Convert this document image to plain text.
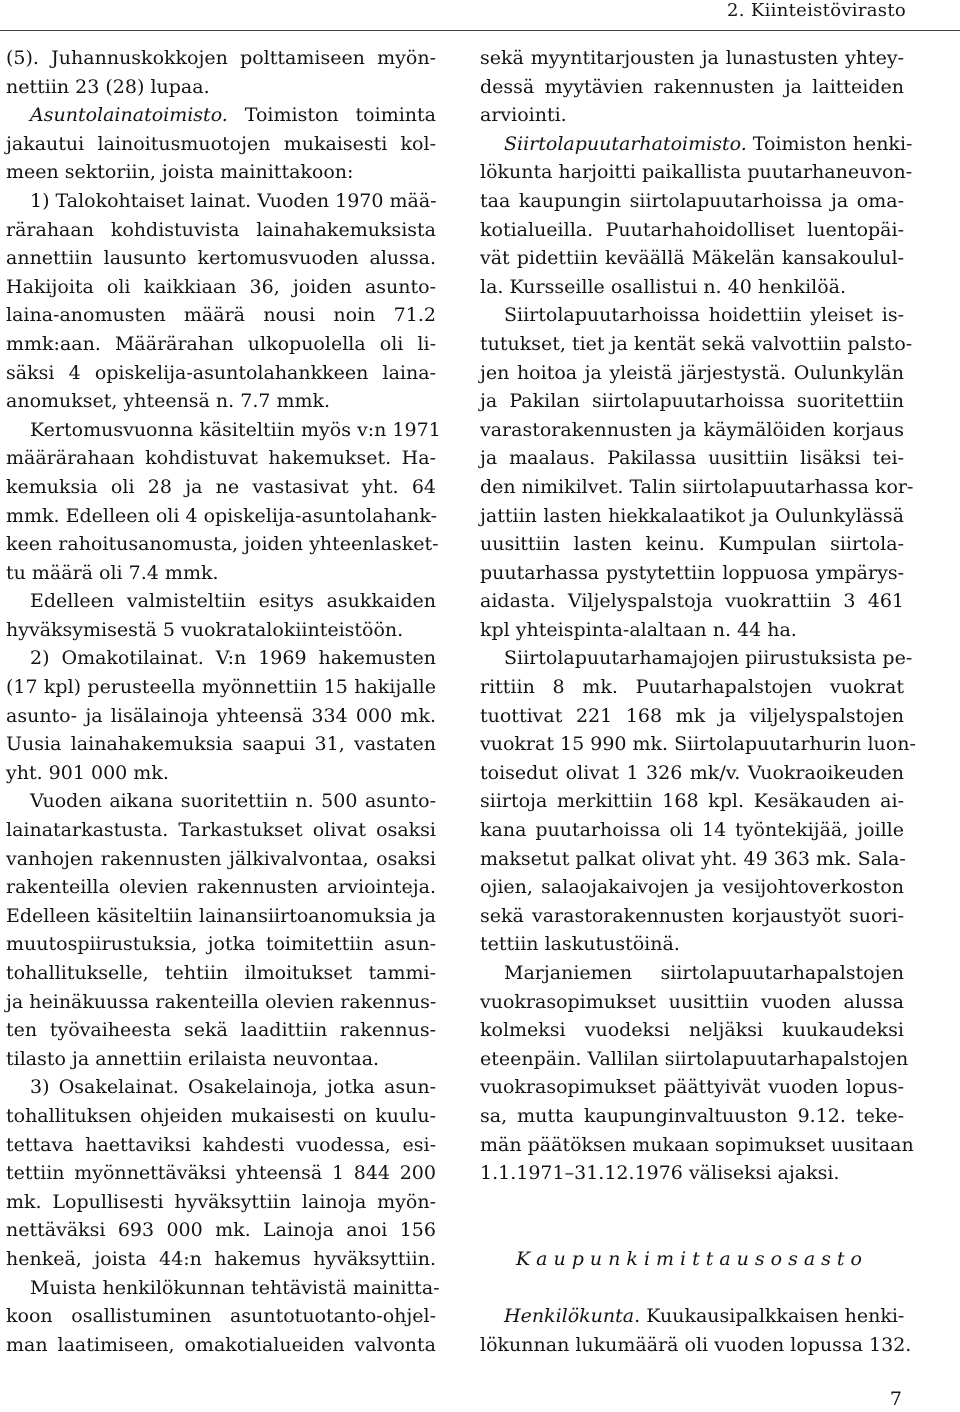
2. Kiinteistövirasto
(5). Juhannuskokkojen polttamiseen myön-
nettiin 23 (28) lupaa.
Asuntolainatoimisto. Toimiston toiminta
jakautui lainoitusmuotojen mukaisesti kol-
meen sektoriin, joista mainittakoon:
1) Talokohtaiset lainat. Vuoden 1970 mää-
rärahaan kohdistuvista lainahakemuksista
annettiin lausunto kertomusvuoden alussa.
Hakijoita oli kaikkiaan 36, joiden asunto-
laina-anomusten määrä nousi noin 71.2
mmk:aan. Määrärahan ulkopuolella oli li-
säksi 4 opiskelija-asuntolahankkeen laina-
anomukset, yhteensä n. 7.7 mmk.
Kertomusvuonna käsiteltiin myös v:n 1971
määrärahaan kohdistuvat hakemukset. Ha-
kemuksia oli 28 ja ne vastasivat yht. 64
mmk. Edelleen oli 4 opiskelija-asuntolahank-
keen rahoitusanomusta, joiden yhteenlasket-
tu määrä oli 7.4 mmk.
Edelleen valmisteltiin esitys asukkaiden
hyväksymisestä 5 vuokratalokiinteistöön.
2) Omakotilainat. V:n 1969 hakemusten
(17 kpl) perusteella myönnettiin 15 hakijalle
asunto- ja lisälainoja yhteensä 334 000 mk.
Uusia lainahakemuksia saapui 31, vastaten
yht. 901 000 mk.
Vuoden aikana suoritettiin n. 500 asunto-
lainatarkastusta. Tarkastukset olivat osaksi
vanhojen rakennusten jälkivalvontaa, osaksi
rakenteilla olevien rakennusten arviointeja.
Edelleen käsiteltiin lainansiirtoanomuksia ja
muutospiirustuksia, jotka toimitettiin asun-
tohallitukselle, tehtiin ilmoitukset tammi-
ja heinäkuussa rakenteilla olevien rakennus-
ten työvaiheesta sekä laadittiin rakennus-
tilasto ja annettiin erilaista neuvontaa.
3) Osakelainat. Osakelainoja, jotka asun-
tohallituksen ohjeiden mukaisesti on kuulu-
tettava haettaviksi kahdesti vuodessa, esi-
tettiin myönnettäväksi yhteensä 1 844 200
mk. Lopullisesti hyväksyttiin lainoja myön-
nettäväksi 693 000 mk. Lainoja anoi 156
henkeä, joista 44:n hakemus hyväksyttiin.
Muista henkilökunnan tehtävistä mainitta-
koon osallistuminen asuntotuotanto-ohjel-
man laatimiseen, omakotialueiden valvonta
sekä myyntitarjousten ja lunastusten yhtey-
dessä myytävien rakennusten ja laitteiden
arviointi.
Siirtolapuutarhatoimisto. Toimiston henki-
lökunta harjoitti paikallista puutarhaneuvon-
taa kaupungin siirtolapuutarhoissa ja oma-
kotialueilla. Puutarhahoidolliset luentopäi-
vät pidettiin keväällä Mäkelän kansakoulul-
la. Kursseille osallistui n. 40 henkilöä.
Siirtolapuutarhoissa hoidettiin yleiset is-
tutukset, tiet ja kentät sekä valvottiin palsto-
jen hoitoa ja yleistä järjestystä. Oulunkylän
ja Pakilan siirtolapuutarhoissa suoritettiin
varastorakennusten ja käymälöiden korjaus
ja maalaus. Pakilassa uusittiin lisäksi tei-
den nimikilvet. Talin siirtolapuutarhassa kor-
jattiin lasten hiekkalaatikot ja Oulunkylässä
uusittiin lasten keinu. Kumpulan siirtola-
puutarhassa pystytettiin loppuosa ympärys-
aidasta. Viljelyspalstoja vuokrattiin 3 461
kpl yhteispinta-alaltaan n. 44 ha.
Siirtolapuutarhamajojen piirustuksista pe-
rittiin 8 mk. Puutarhapalstojen vuokrat
tuottivat 221 168 mk ja viljelyspalstojen
vuokrat 15 990 mk. Siirtolapuutarhurin luon-
toisedut olivat 1 326 mk/v. Vuokraoikeuden
siirtoja merkittiin 168 kpl. Kesäkauden ai-
kana puutarhoissa oli 14 työntekijää, joille
maksetut palkat olivat yht. 49 363 mk. Sala-
ojien, salaojakaivojen ja vesijohtoverkoston
sekä varastorakennusten korjaustyöt suori-
tettiin laskutustöinä.
Marjaniemen siirtolapuutarhapalstojen
vuokrasopimukset uusittiin vuoden alussa
kolmeksi vuodeksi neljäksi kuukaudeksi
eteenpäin. Vallilan siirtolapuutarhapalstojen
vuokrasopimukset päättyivät vuoden lopus-
sa, mutta kaupunginvaltuuston 9.12. teke-
män päätöksen mukaan sopimukset uusitaan
1.1.1971–31.12.1976 väliseksi ajaksi.
Kaupunkimittausosasto
Henkilökunta. Kuukausipalkkaisen henki-
lökunnan lukumäärä oli vuoden lopussa 132.
7
